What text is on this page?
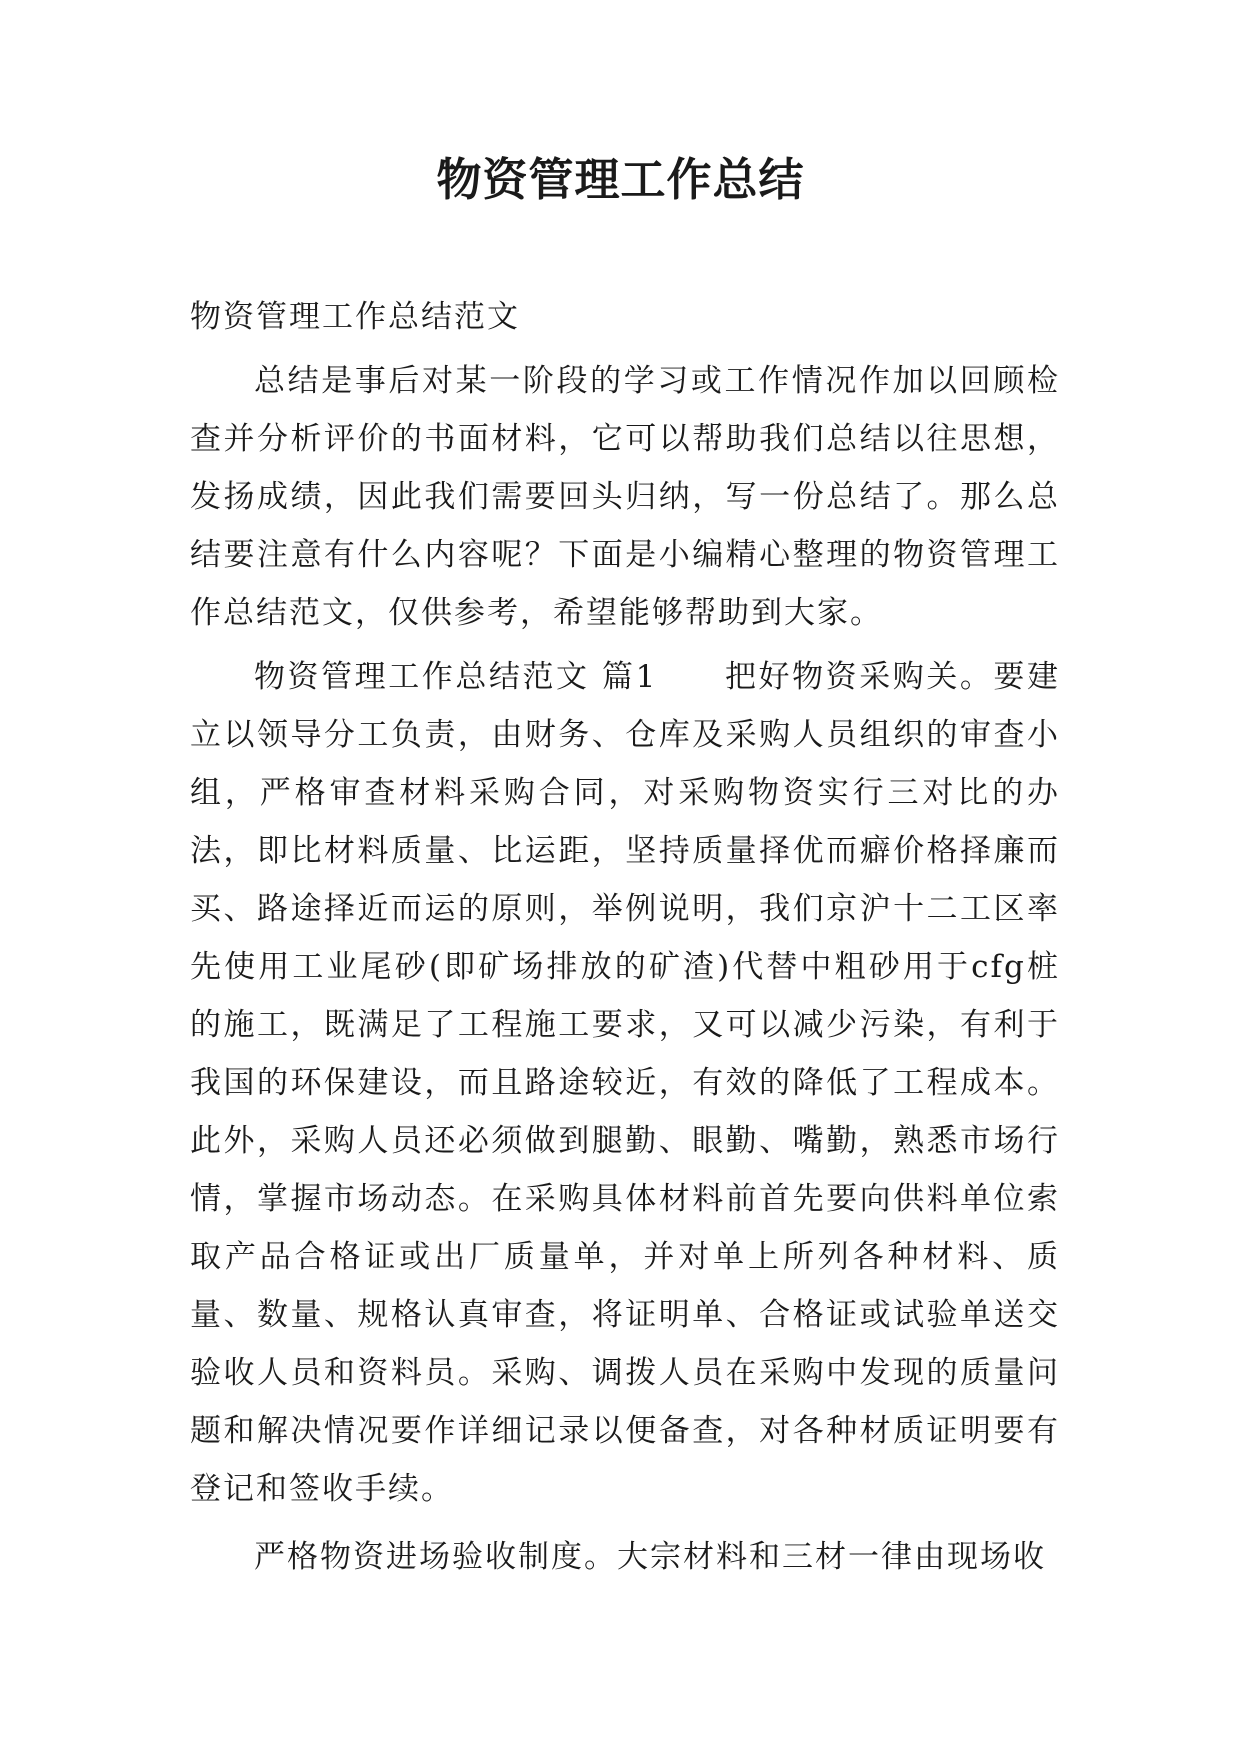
物资管理工作总结

物资管理工作总结范文

总结是事后对某一阶段的学习或工作情况作加以回顾检查并分析评价的书面材料，它可以帮助我们总结以往思想，发扬成绩，因此我们需要回头归纳，写一份总结了。那么总结要注意有什么内容呢？下面是小编精心整理的物资管理工作总结范文，仅供参考，希望能够帮助到大家。

物资管理工作总结范文 篇1　　把好物资采购关。要建立以领导分工负责，由财务、仓库及采购人员组织的审查小组，严格审查材料采购合同，对采购物资实行三对比的办法，即比材料质量、比运距，坚持质量择优而癖价格择廉而买、路途择近而运的原则，举例说明，我们京沪十二工区率先使用工业尾砂(即矿场排放的矿渣)代替中粗砂用于cfg桩的施工，既满足了工程施工要求，又可以减少污染，有利于我国的环保建设，而且路途较近，有效的降低了工程成本。此外，采购人员还必须做到腿勤、眼勤、嘴勤，熟悉市场行情，掌握市场动态。在采购具体材料前首先要向供料单位索取产品合格证或出厂质量单，并对单上所列各种材料、质量、数量、规格认真审查，将证明单、合格证或试验单送交验收人员和资料员。采购、调拨人员在采购中发现的质量问题和解决情况要作详细记录以便备查，对各种材质证明要有登记和签收手续。

严格物资进场验收制度。大宗材料和三材一律由现场收
